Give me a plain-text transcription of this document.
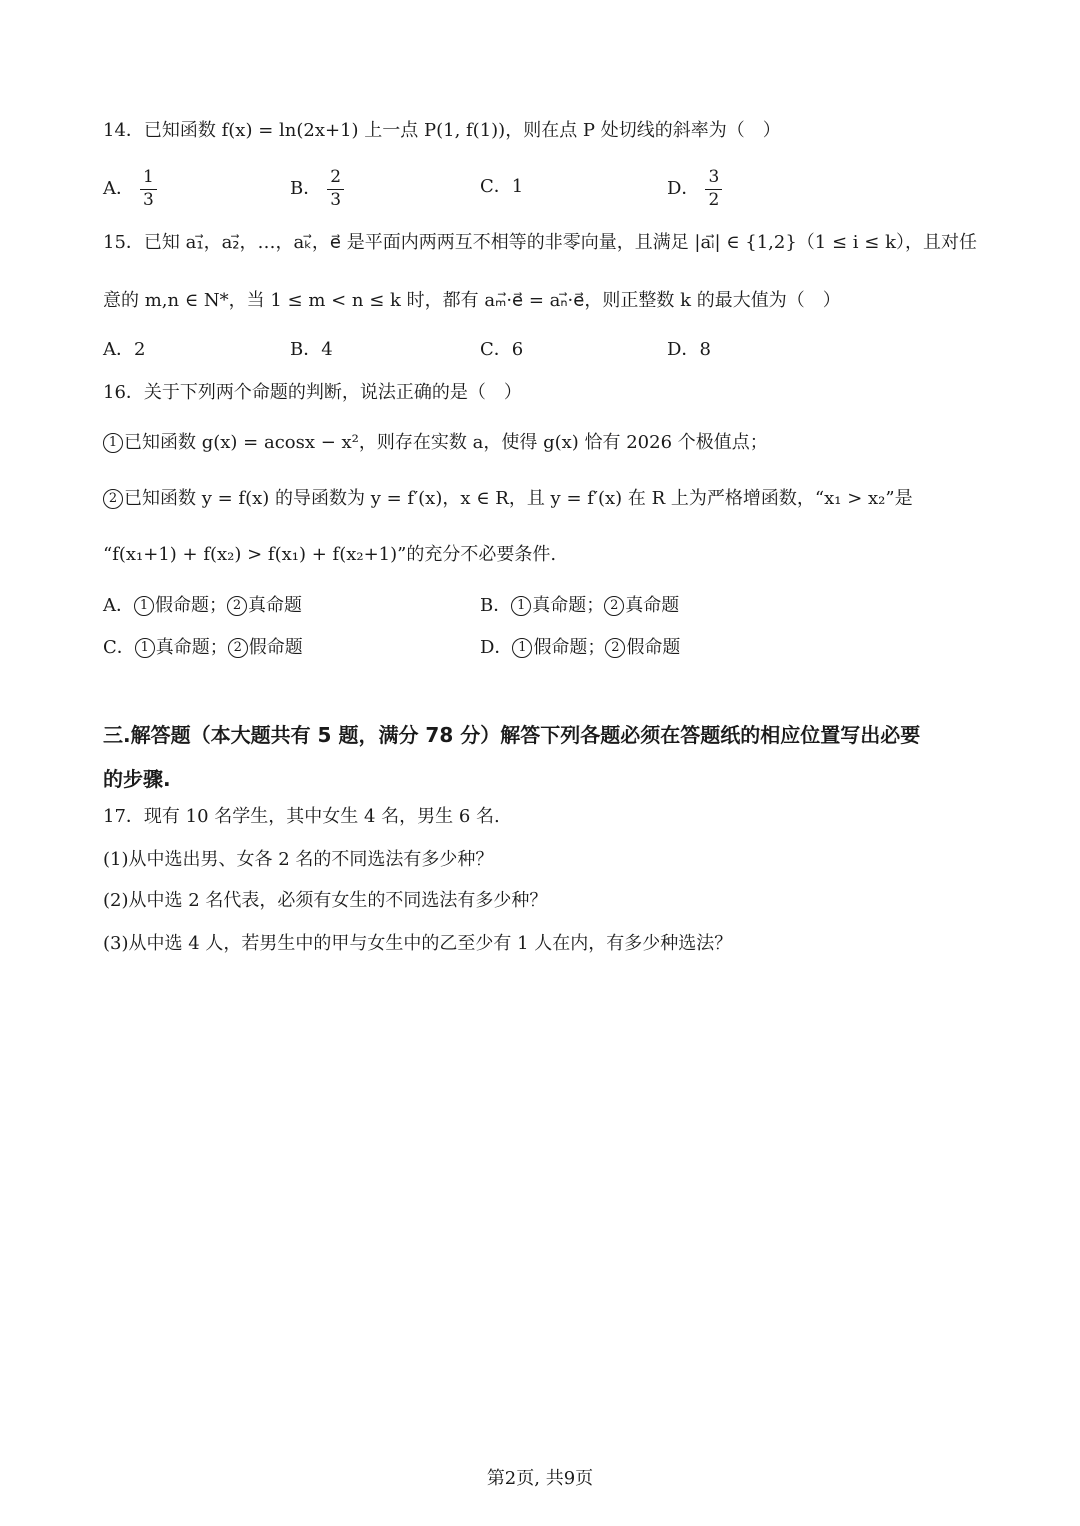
14．已知函数 f(x) = ln(2x+1) 上一点 P(1, f(1))，则在点 P 处切线的斜率为（　）
A． $\frac{1}{3}$	B． $\frac{2}{3}$	C．1	D． $\frac{3}{2}$
15．已知 a₁⃗，a₂⃗，…，aₖ⃗，e⃗ 是平面内两两互不相等的非零向量，且满足 |aᵢ⃗| ∈ {1,2}（1 ≤ i ≤ k），且对任
意的 m,n ∈ N*，当 1 ≤ m < n ≤ k 时，都有 aₘ⃗·e⃗ = aₙ⃗·e⃗，则正整数 k 的最大值为（　）
A．2	B．4	C．6	D．8
16．关于下列两个命题的判断，说法正确的是（　）
1 已知函数 g(x) = acosx − x²，则存在实数 a，使得 g(x) 恰有 2026 个极值点；
2 已知函数 y = f(x) 的导函数为 y = f′(x)，x ∈ R，且 y = f′(x) 在 R 上为严格增函数，“x₁ > x₂”是
“f(x₁+1) + f(x₂) > f(x₁) + f(x₂+1)”的充分不必要条件.
A． 1 假命题； 2 真命题	B． 1 真命题； 2 真命题
C． 1 真命题； 2 假命题	D． 1 假命题； 2 假命题
三.解答题（本大题共有 5 题，满分 78 分）解答下列各题必须在答题纸的相应位置写出必要
的步骤.
17．现有 10 名学生，其中女生 4 名，男生 6 名.
(1)从中选出男、女各 2 名的不同选法有多少种？
(2)从中选 2 名代表，必须有女生的不同选法有多少种？
(3)从中选 4 人，若男生中的甲与女生中的乙至少有 1 人在内，有多少种选法？
第2页, 共9页
